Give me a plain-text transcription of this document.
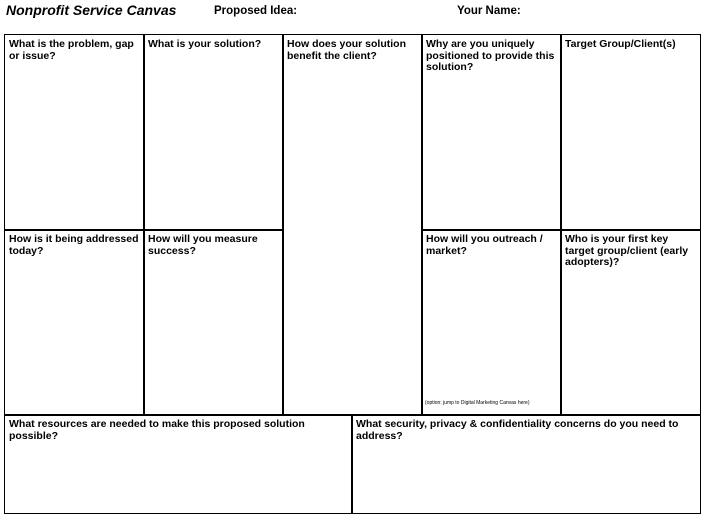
Nonprofit Service Canvas	Proposed Idea:	Your Name:
What is the problem, gap or issue?
What is your solution?	How does your solution benefit the client?
Why are you uniquely positioned to provide this solution?
Target Group/Client(s)
How is it being addressed today?
How will you measure success?
How will you outreach / market?
(option: jump to Digital Marketing Canvas here)
Who is your first key target group/client (early adopters)?
What resources are needed to make this proposed solution possible?
What security, privacy & confidentiality concerns do you need to address?
